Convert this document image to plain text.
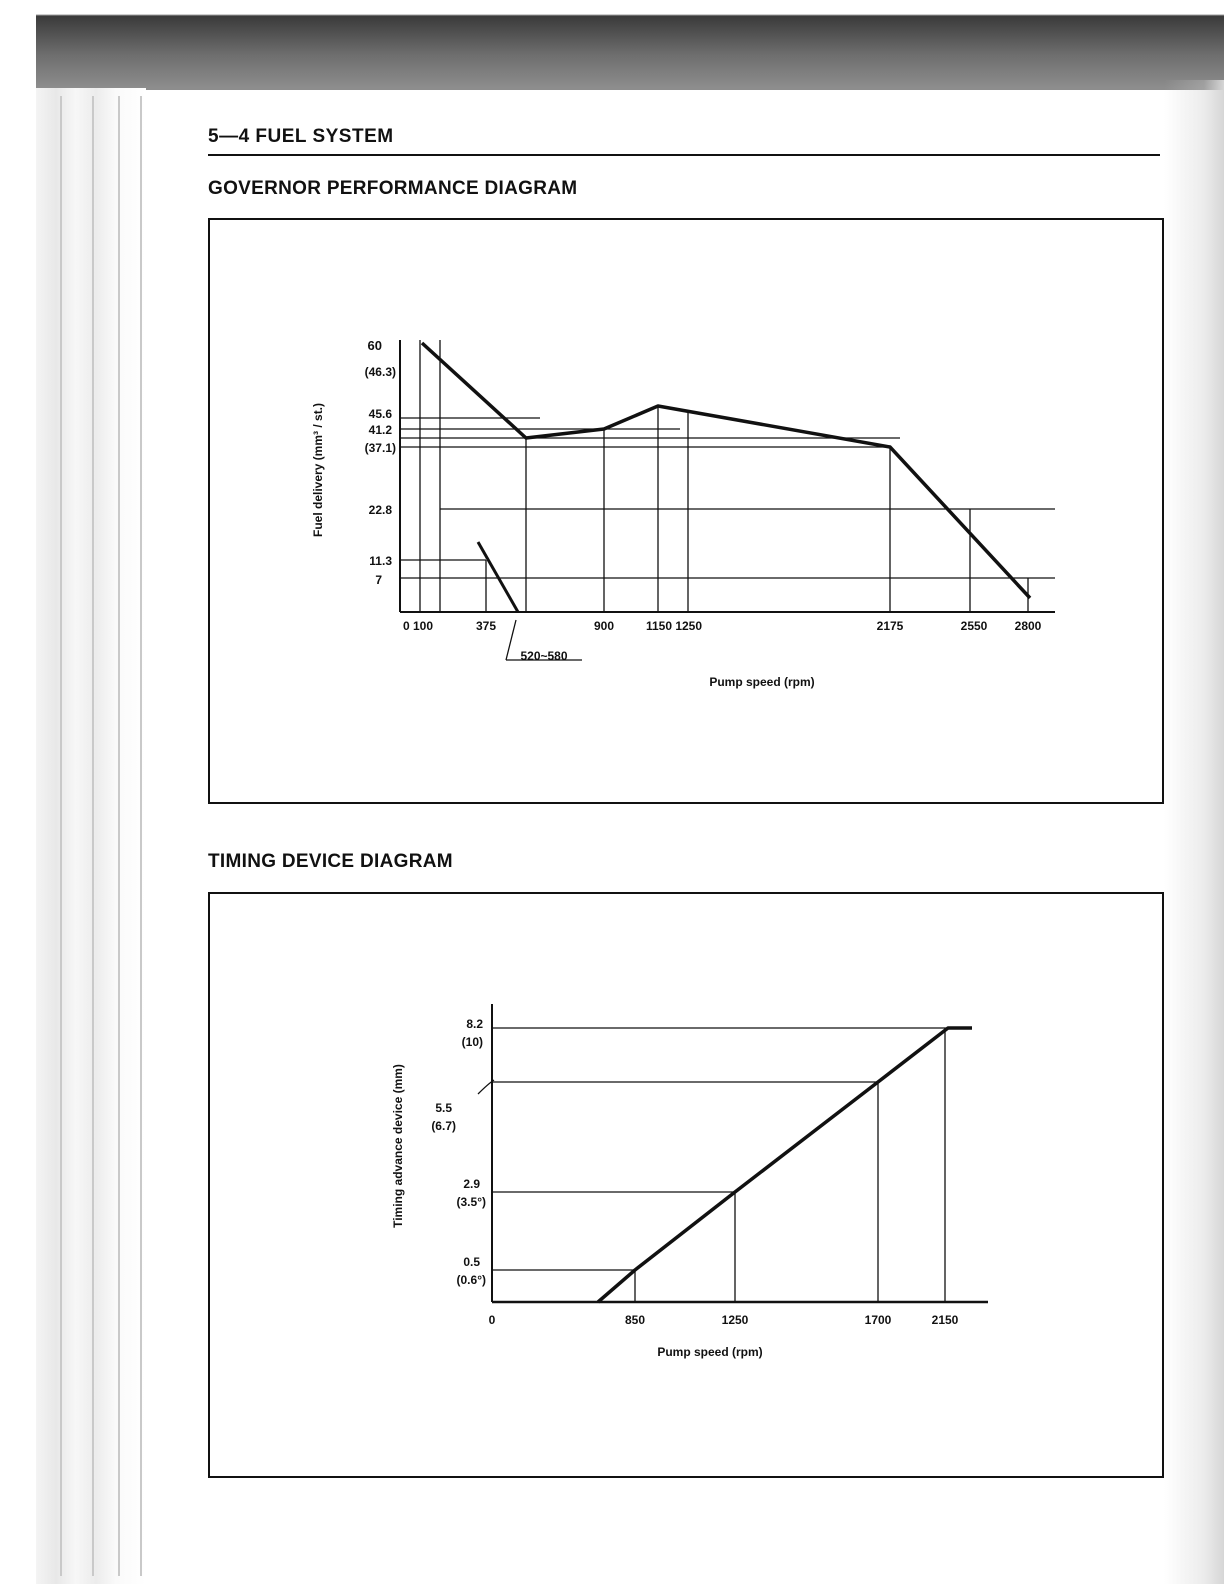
5—4 FUEL SYSTEM
GOVERNOR PERFORMANCE DIAGRAM
60
(46.3)
45.6
41.2
(37.1)
22.8
11.3
7
0 100	375	900	1150 1250	2175	2550 2800
520~580
Pump speed (rpm)
Fuel delivery (mm³ / st.)
TIMING DEVICE DIAGRAM
8.2
(10)
5.5
(6.7)
2.9
(3.5°)
0.5
(0.6°)
0	850	1250	1700	2150
Pump speed (rpm)
Timing advance device (mm)
